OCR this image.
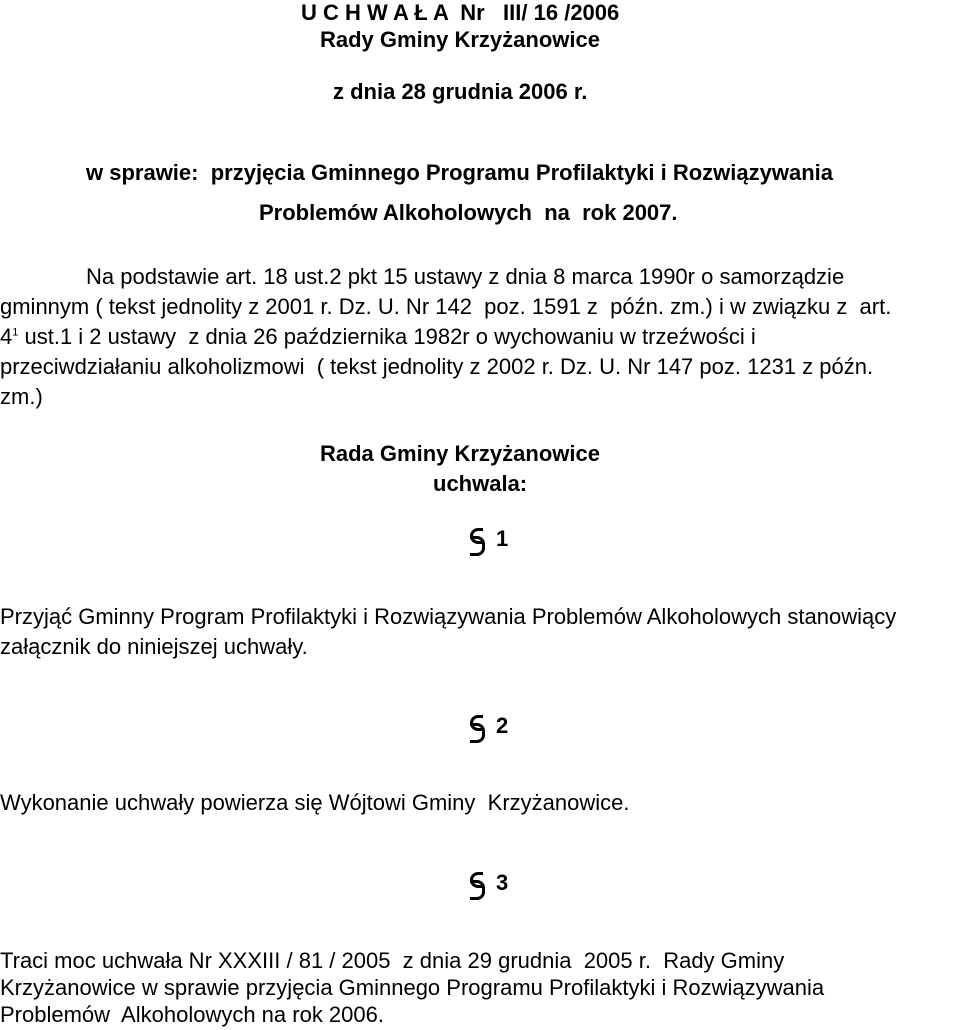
U C H W A Ł A  Nr   III/ 16 /2006
Rady Gminy Krzyżanowice
z dnia 28 grudnia 2006 r.
w sprawie:  przyjęcia Gminnego Programu Profilaktyki i Rozwiązywania
Problemów Alkoholowych  na  rok 2007.
Na podstawie art. 18 ust.2 pkt 15 ustawy z dnia 8 marca 1990r o samorządzie
gminnym ( tekst jednolity z 2001 r. Dz. U. Nr 142  poz. 1591 z  późn. zm.) i w związku z  art.
$4^1$ ust.1 i 2 ustawy  z dnia 26 października 1982r o wychowaniu w trzeźwości i
przeciwdziałaniu alkoholizmowi  ( tekst jednolity z 2002 r. Dz. U. Nr 147 poz. 1231 z późn.
zm.)
Rada Gminy Krzyżanowice
uchwala:
1
Przyjąć Gminny Program Profilaktyki i Rozwiązywania Problemów Alkoholowych stanowiący
załącznik do niniejszej uchwały.
2
Wykonanie uchwały powierza się Wójtowi Gminy  Krzyżanowice.
3
Traci moc uchwała Nr XXXIII / 81 / 2005  z dnia 29 grudnia  2005 r.  Rady Gminy
Krzyżanowice w sprawie przyjęcia Gminnego Programu Profilaktyki i Rozwiązywania
Problemów  Alkoholowych na rok 2006.
